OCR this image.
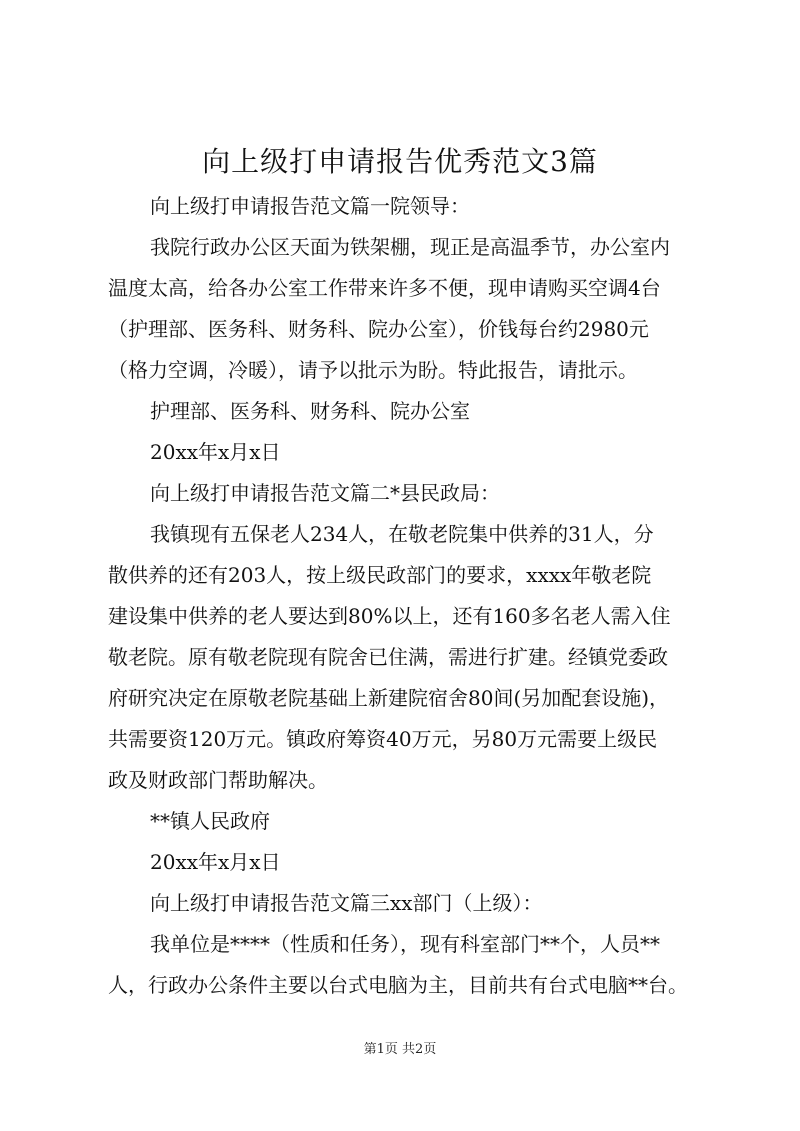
向上级打申请报告优秀范文3篇
向上级打申请报告范文篇一院领导：
我院行政办公区天面为铁架棚，现正是高温季节，办公室内
温度太高，给各办公室工作带来许多不便，现申请购买空调4台
（护理部、医务科、财务科、院办公室），价钱每台约2980元
（格力空调，冷暖），请予以批示为盼。特此报告，请批示。
护理部、医务科、财务科、院办公室
20xx年x月x日
向上级打申请报告范文篇二*县民政局：
我镇现有五保老人234人，在敬老院集中供养的31人，分
散供养的还有203人，按上级民政部门的要求，xxxx年敬老院
建设集中供养的老人要达到80%以上，还有160多名老人需入住
敬老院。原有敬老院现有院舍已住满，需进行扩建。经镇党委政
府研究决定在原敬老院基础上新建院宿舍80间(另加配套设施)，
共需要资120万元。镇政府筹资40万元，另80万元需要上级民
政及财政部门帮助解决。
**镇人民政府
20xx年x月x日
向上级打申请报告范文篇三xx部门（上级）：
我单位是****（性质和任务），现有科室部门**个，人员**
人，行政办公条件主要以台式电脑为主，目前共有台式电脑**台。
第1页 共2页
